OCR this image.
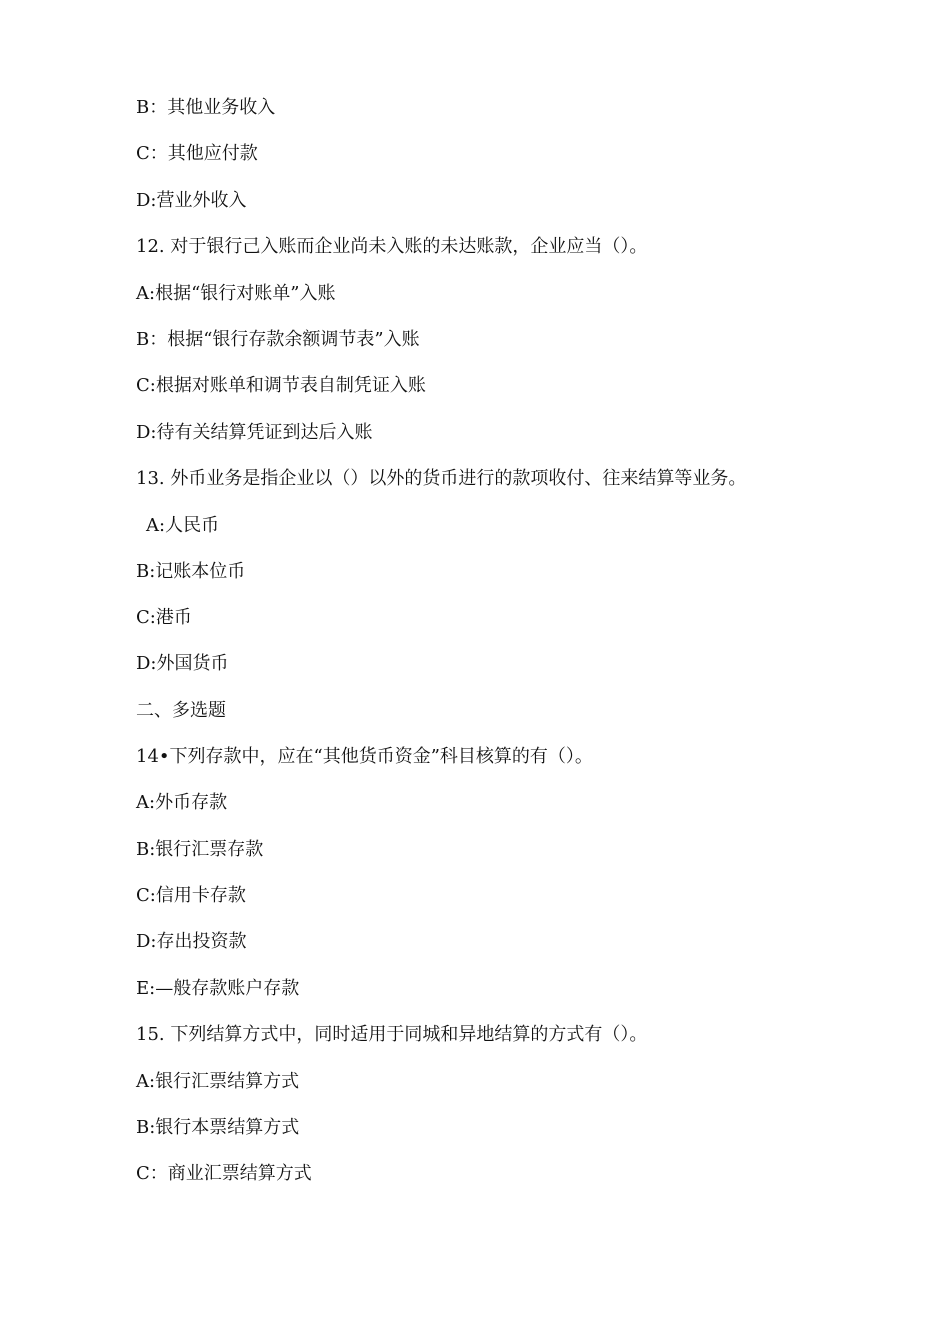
B：其他业务收入
C：其他应付款
D:营业外收入
12. 对于银行己入账而企业尚未入账的未达账款，企业应当（）。
A:根据“银行对账单”入账
B：根据“银行存款余额调节表”入账
C:根据对账单和调节表自制凭证入账
D:待有关结算凭证到达后入账
13. 外币业务是指企业以（）以外的货币进行的款项收付、往来结算等业务。
A:人民币
B:记账本位币
C:港币
D:外国货币
二、多选题
14•下列存款中，应在“其他货币资金”科目核算的有（）。
A:外币存款
B:银行汇票存款
C:信用卡存款
D:存出投资款
E:—般存款账户存款
15. 下列结算方式中，同时适用于同城和异地结算的方式有（）。
A:银行汇票结算方式
B:银行本票结算方式
C：商业汇票结算方式
